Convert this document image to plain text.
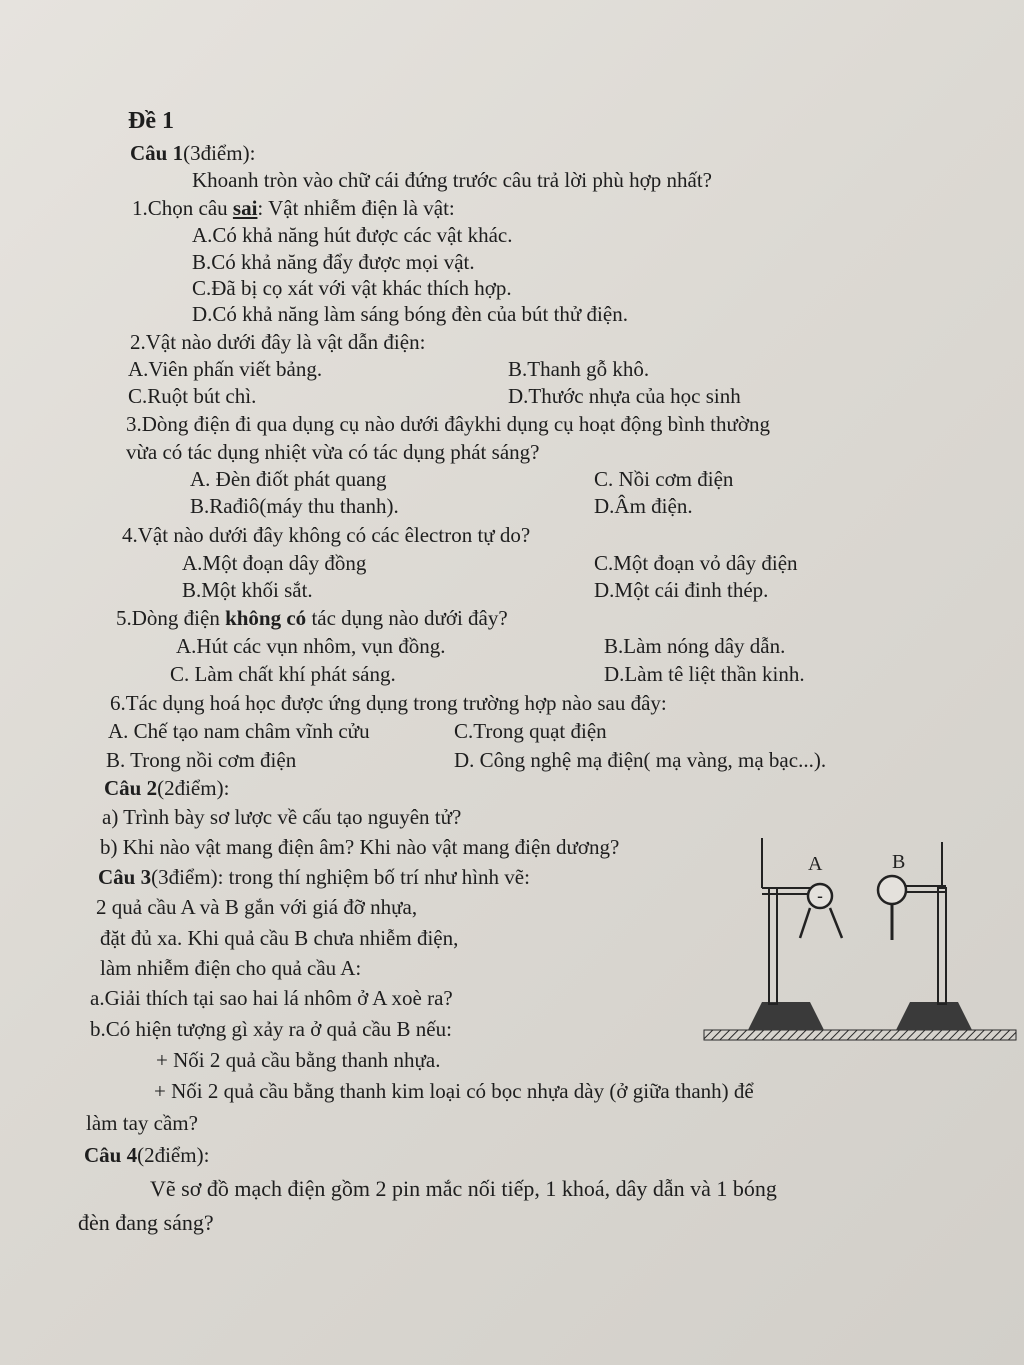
Đề 1
Câu 1(3điểm):
Khoanh tròn vào chữ cái đứng trước câu trả lời phù hợp nhất?
1.Chọn câu sai: Vật nhiễm điện là vật:
A.Có khả năng hút được các vật khác.
B.Có khả năng đẩy được mọi vật.
C.Đã bị cọ xát với vật khác thích hợp.
D.Có khả năng làm sáng bóng đèn của bút thử điện.
2.Vật nào dưới đây là vật dẫn điện:
A.Viên phấn viết bảng.	B.Thanh gỗ khô.
C.Ruột bút chì.	D.Thước nhựa của học sinh
3.Dòng điện đi qua dụng cụ nào dưới đâykhi dụng cụ hoạt động bình thường
vừa có tác dụng nhiệt vừa có tác dụng phát sáng?
A. Đèn điốt phát quang	C. Nồi cơm điện
B.Rađiô(máy thu thanh).	D.Âm điện.
4.Vật nào dưới đây không có các êlectron tự do?
A.Một đoạn dây đồng	C.Một đoạn vỏ dây điện
B.Một khối sắt.	D.Một cái đinh thép.
5.Dòng điện không có tác dụng nào dưới đây?
A.Hút các vụn nhôm, vụn đồng.	B.Làm nóng dây dẫn.
C. Làm chất khí phát sáng.	D.Làm tê liệt thần kinh.
6.Tác dụng hoá học được ứng dụng trong trường hợp nào sau đây:
A. Chế tạo nam châm vĩnh cửu	C.Trong quạt điện
B. Trong nồi cơm điện	D. Công nghệ mạ điện( mạ vàng, mạ bạc...).
Câu 2(2điểm):
a) Trình bày sơ lược về cấu tạo nguyên tử?
b) Khi nào vật mang điện âm? Khi nào vật mang điện dương?
Câu 3(3điểm): trong thí nghiệm bố trí như hình vẽ:
2 quả cầu A và B gắn với giá đỡ nhựa,
đặt đủ xa. Khi quả cầu B chưa nhiễm điện,
làm nhiễm điện cho quả cầu A:
a.Giải thích tại sao hai lá nhôm ở A xoè ra?
b.Có hiện tượng gì xảy ra ở quả cầu B nếu:
+ Nối 2 quả cầu bằng thanh nhựa.
+ Nối 2 quả cầu bằng thanh kim loại có bọc nhựa dày (ở giữa thanh) để
làm tay cầm?
-
A	B
Câu 4(2điểm):
Vẽ sơ đồ mạch điện gồm 2 pin mắc nối tiếp, 1 khoá, dây dẫn và 1 bóng
đèn đang sáng?
